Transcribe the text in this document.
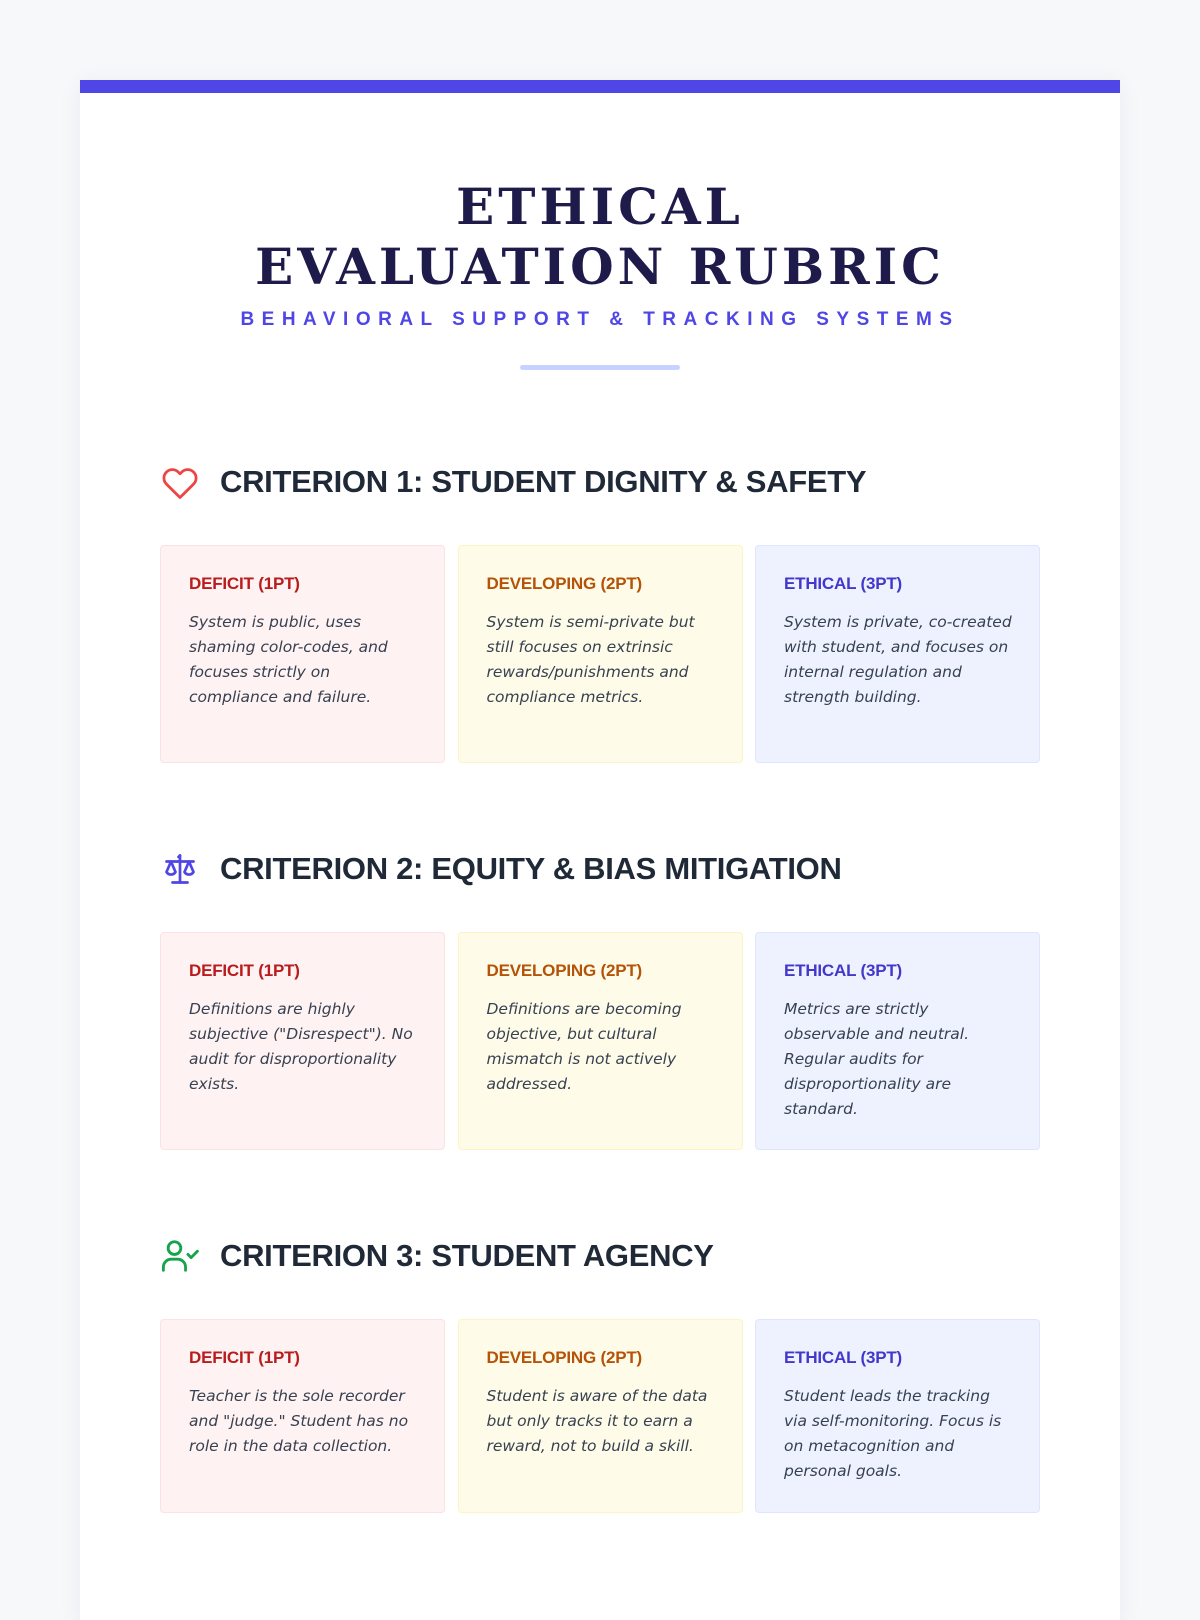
ETHICAL EVALUATION RUBRIC
BEHAVIORAL SUPPORT & TRACKING SYSTEMS
CRITERION 1: STUDENT DIGNITY & SAFETY
DEFICIT (1PT)
System is public, uses shaming color-codes, and focuses strictly on compliance and failure.
DEVELOPING (2PT)
System is semi-private but still focuses on extrinsic rewards/punishments and compliance metrics.
ETHICAL (3PT)
System is private, co-created with student, and focuses on internal regulation and strength building.
CRITERION 2: EQUITY & BIAS MITIGATION
DEFICIT (1PT)
Definitions are highly subjective ("Disrespect"). No audit for disproportionality exists.
DEVELOPING (2PT)
Definitions are becoming objective, but cultural mismatch is not actively addressed.
ETHICAL (3PT)
Metrics are strictly observable and neutral. Regular audits for disproportionality are standard.
CRITERION 3: STUDENT AGENCY
DEFICIT (1PT)
Teacher is the sole recorder and "judge." Student has no role in the data collection.
DEVELOPING (2PT)
Student is aware of the data but only tracks it to earn a reward, not to build a skill.
ETHICAL (3PT)
Student leads the tracking via self-monitoring. Focus is on metacognition and personal goals.
